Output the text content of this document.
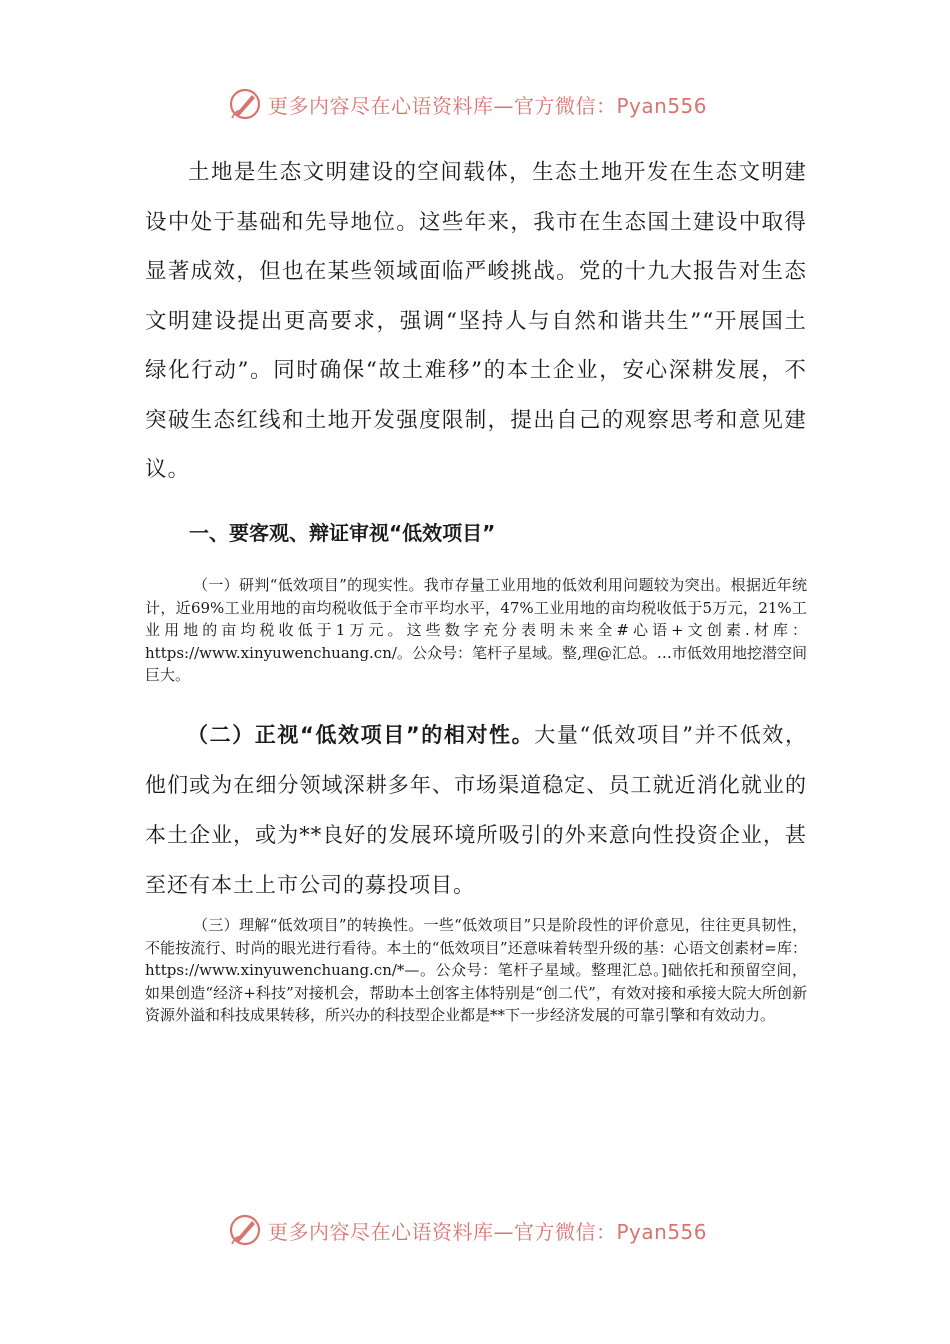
更多内容尽在心语资料库—官方微信：Pyan556

土地是生态文明建设的空间载体，生态土地开发在生态文明建设中处于基础和先导地位。这些年来，我市在生态国土建设中取得显著成效，但也在某些领域面临严峻挑战。党的十九大报告对生态文明建设提出更高要求，强调“坚持人与自然和谐共生”“开展国土绿化行动”。同时确保“故土难移”的本土企业，安心深耕发展，不突破生态红线和土地开发强度限制，提出自己的观察思考和意见建议。

一、要客观、辩证审视“低效项目”

（一）研判“低效项目”的现实性。我市存量工业用地的低效利用问题较为突出。根据近年统计，近69%工业用地的亩均税收低于全市平均水平，47%工业用地的亩均税收低于5万元，21%工业用地的亩均税收低于1万元。这些数字充分表明未来全#心语+文创素.材库：https://www.xinyuwenchuang.cn/。公众号：笔杆子星域。整,理@汇总。…市低效用地挖潜空间巨大。

（二）正视“低效项目”的相对性。大量“低效项目”并不低效，他们或为在细分领域深耕多年、市场渠道稳定、员工就近消化就业的本土企业，或为**良好的发展环境所吸引的外来意向性投资企业，甚至还有本土上市公司的募投项目。

（三）理解“低效项目”的转换性。一些“低效项目”只是阶段性的评价意见，往往更具韧性，不能按流行、时尚的眼光进行看待。本土的“低效项目”还意味着转型升级的基：心语文创素材=库：https://www.xinyuwenchuang.cn/*—。公众号：笔杆子星域。整理汇总。]础依托和预留空间，如果创造“经济+科技”对接机会，帮助本土创客主体特别是“创二代”，有效对接和承接大院大所创新资源外溢和科技成果转移，所兴办的科技型企业都是**下一步经济发展的可靠引擎和有效动力。

更多内容尽在心语资料库—官方微信：Pyan556
